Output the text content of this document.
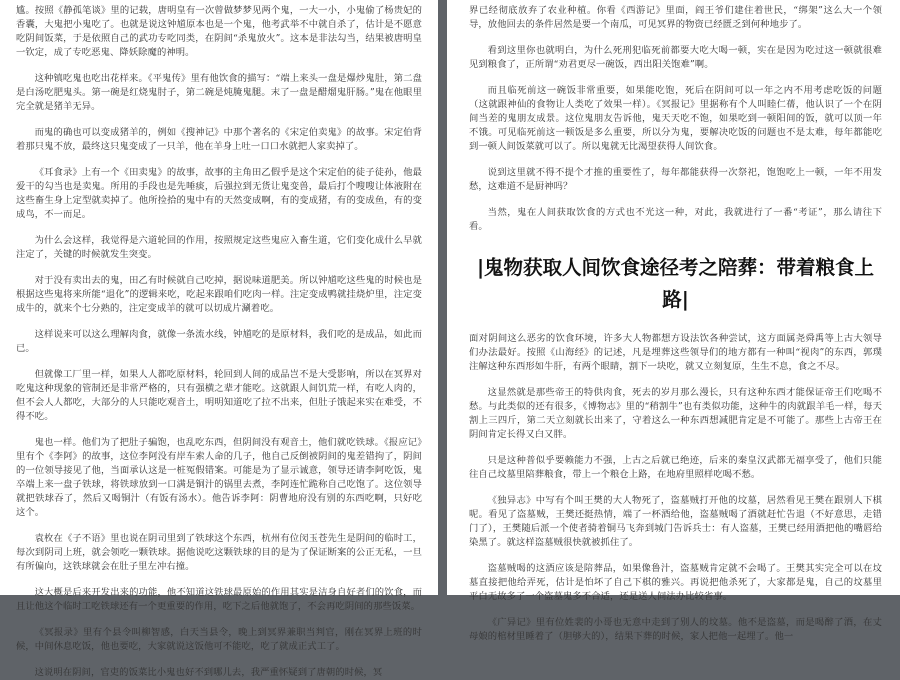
尴。按照《静孤笔谈》里的记载，唐明皇有一次曾做梦梦见两个鬼，一大一小，小鬼偷了杨贵妃的香囊，大鬼把小鬼吃了。也就是说这钟馗原本也是一个鬼，他考武举不中就自杀了，估计是不愿意吃阴间饭菜，于是依照自己的武功专吃同类，在阴间“杀鬼放火”。这本是非法勾当，结果被唐明皇一钦定，成了专吃恶鬼、降妖除魔的神明。

这种镇吃鬼也吃出花样来。《平鬼传》里有他饮食的描写：“端上来头一盘是爆炒鬼肚，第二盘是白汤吃肥鬼头。第一碗是红烧鬼肘子，第二碗是炖腌鬼腿。末了一盘是醋熘鬼肝肠。”鬼在他眼里完全就是猪羊无异。

而鬼的确也可以变成猪羊的，例如《搜神记》中那个著名的《宋定伯卖鬼》的故事。宋定伯背着那只鬼不放，最终这只鬼变成了一只羊，他在羊身上吐一口口水就把人家卖掉了。

《耳食录》上有一个《田卖鬼》的故事，故事的主角田乙假乎是这个宋定伯的徒子徒孙，他最爱干的勾当也是卖鬼。所用的手段也是先唾痰，后强拉到无货让鬼变兽，最后打个嗖嗖让体液附在这些畜生身上定型就卖掉了。他所捡拾的鬼中有的天然变成啊，有的变成猪，有的变成鱼，有的变成鸟，不一而足。

为什么会这样，我觉得是六道轮回的作用，按照规定这些鬼应入畜生道，它们变化成什么早就注定了，关键的时候就发生突变。

对于没有卖出去的鬼，田乙有时候就自己吃掉，据说味道肥美。所以钟馗吃这些鬼的时候也是根据这些鬼将来所能“退化”的逻辑来吃，吃起来跟咱们吃肉一样。注定变成鸭就挂烧炉里，注定变成牛的，就来个七分熟的，注定变成羊的就可以切成片涮着吃。

这样说来可以这么理解肉食，就像一条流水线，钟馗吃的是原材料，我们吃的是成品，如此而已。

但就像工厂里一样，如果人人都吃原材料，轮回到人间的成品岂不是大受影响，所以在冥界对吃鬼这种现象的管制还是非常严格的，只有强横之辈才能吃。这就跟人间饥荒一样，有吃人肉的，但不会人人都吃，大部分的人只能吃观音土，明明知道吃了拉不出来，但肚子饿起来实在难受，不得不吃。

鬼也一样。他们为了把肚子骗饱，也乱吃东西，但阴间没有观音土，他们就吃铁球。《报应记》里有个《李阿》的故事，这位李阿没有岸车索人命的几子，他自己反倒被阴间的鬼差错拘了，阴间的一位领导接见了他，当面承认这是一桩冤假错案。可能是为了显示诚意，领导还请李阿吃饭，鬼卒端上来一盘子铁球，将铁球放到一口满是铜汁的锅里去煮，李阿连忙跪称自己吃饱了。这位领导就把铁球吞了，然后又喝铜汁（有饭有汤水）。他告诉李阿：阴曹地府没有别的东西吃啊，只好吃这个。

袁枚在《子不语》里也说在阴司里到了铁球这个东西，杭州有位闵玉苍先生是阴间的临时工，每次到阴司上班，就会领吃一颗铁球。据他说吃这颗铁球的目的是为了保证断案的公正无私，一旦有所偏向，这铁球就会在肚子里左冲右撞。

这大概是后来开发出来的功能，他不知道这铁球最原始的作用其实是洁身自好者们的饮食，而且让他这个临时工吃铁球还有一个更重要的作用，吃下之后他就饱了，不会再吃阴间的那些饭菜。

《冥报录》里有个县令叫柳智感，白天当县令，晚上到冥界兼职当判官，刚在冥界上班的时候，中间休息吃饭，他也要吃，大家就说这饭他可不能吃，吃了就成正式工了。

这说明在阴间，官吏的饭菜比小鬼也好不到哪儿去，我严重怀疑到了唐朝的时候，冥

界已经彻底放弃了农业种植。你看《西游记》里面，阎王爷们建住着世民，“绑架”这么大一个领导，放他回去的条件居然是要一个南瓜，可见冥界的物资已经匮乏到何种地步了。

看到这里你也就明白，为什么死刑犯临死前都要大吃大喝一顿，实在是因为吃过这一顿就很难见到粮食了，正所谓“劝君更尽一碗饭，西出阳关饱难”啊。

而且临死前这一碗饭非常重要，如果能吃饱，死后在阴间可以一年之内不用考虑吃饭的问题（这就跟神仙的食物让人类吃了效果一样）。《冥报记》里据称有个人叫睦仁蒨，他认识了一个在阴间当差的鬼朋友成景。这位鬼朋友告诉他，鬼天天吃不饱，如果吃到一顿阳间的饭，就可以顶一年不饿。可见临死前这一顿饭是多么重要，所以分为鬼，要解决吃饭的问题也不是太难，每年都能吃到一顿人间饭菜就可以了。所以鬼就无比渴望获得人间饮食。

说到这里就不得不提个才推的重要性了，每年都能获得一次祭祀，饱饱吃上一顿，一年不用发愁，这难道不是厨神吗？

当然，鬼在人间获取饮食的方式也不光这一种，对此，我就进行了一番“考证”，那么请往下看。

|鬼物获取人间饮食途径考之陪葬：带着粮食上路|

面对阴间这么恶劣的饮食环境，许多大人物都想方设法饮各种尝试，这方面属尧舜禹等上古大领导们办法最好。按照《山海经》的记述，凡是埋葬这些领导们的地方都有一种叫“视肉”的东西，郭璞注解这种东西形如牛肝，有两个眼睛，割下一块吃，就又立刻复原，生生不息，食之不尽。

这显然就是那些帝王的特供肉食，死去的岁月那么漫长，只有这种东西才能保证帝王们吃喝不愁。与此类似的还有很多，《博物志》里的“稍割牛”也有类似功能，这种牛的肉就跟羊毛一样，每天割上三四斤，第二天立刻就长出来了，守着这么一种东西想减肥肯定是不可能了。那些上古帝王在阴间肯定长得又白又胖。

只是这种普似乎要赖能力不强，上古之后就已绝迹，后来的秦皇汉武都无福享受了，他们只能往自己坟墓里陪葬粮食，带上一个粮仓上路，在地府里照样吃喝不愁。

《独异志》中写有个叫王樊的大人物死了，盗墓贼打开他的坟墓，居然看见王樊在跟别人下棋呢。看见了盗墓贼，王樊还挺热情，端了一杯酒给他，盗墓贼喝了酒就赶忙告退（不好意思，走错门了），王樊随后派一个使者骑着铜马飞奔到城门告诉兵士：有人盗墓，王樊已经用酒把他的嘴唇给染黑了。就这样盗墓贼很快就被抓住了。

盗墓贼喝的这酒应该是陪葬品，如果像鲁汁，盗墓贼肯定就不会喝了。王樊其实完全可以在坟墓直接把他给弄死，估计是怕坏了自己下棋的雅兴。再说把他杀死了，大家都是鬼，自己的坟墓里平白无故多了一个盗墓鬼多不合适，还是送人间法办比较省事。

《广异记》里有位姓裴的小哥也无意中走到了别人的坟墓。他不是盗墓，而是喝醉了酒，在丈母娘的棺材里睡着了（胆够大的），结果下葬的时候，家人把他一起埋了。他一
